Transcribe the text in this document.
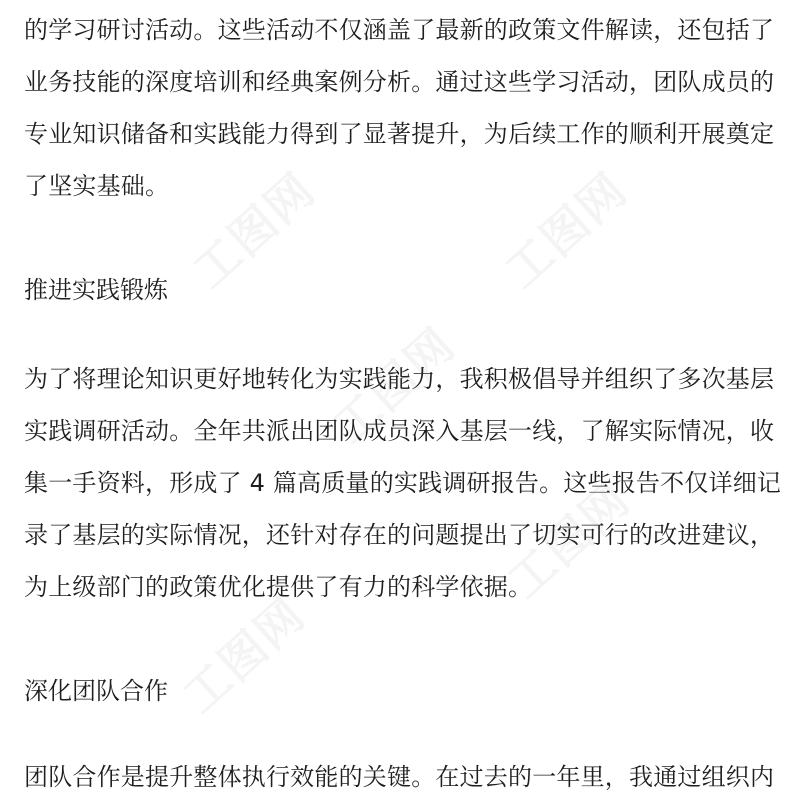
的学习研讨活动。这些活动不仅涵盖了最新的政策文件解读，还包括了
业务技能的深度培训和经典案例分析。通过这些学习活动，团队成员的
专业知识储备和实践能力得到了显著提升，为后续工作的顺利开展奠定
了坚实基础。

推进实践锻炼

为了将理论知识更好地转化为实践能力，我积极倡导并组织了多次基层
实践调研活动。全年共派出团队成员深入基层一线，了解实际情况，收
集一手资料，形成了 4 篇高质量的实践调研报告。这些报告不仅详细记
录了基层的实际情况，还针对存在的问题提出了切实可行的改进建议，
为上级部门的政策优化提供了有力的科学依据。

深化团队合作

团队合作是提升整体执行效能的关键。在过去的一年里，我通过组织内

工图网	工图网
工图网
工图网
工图网
